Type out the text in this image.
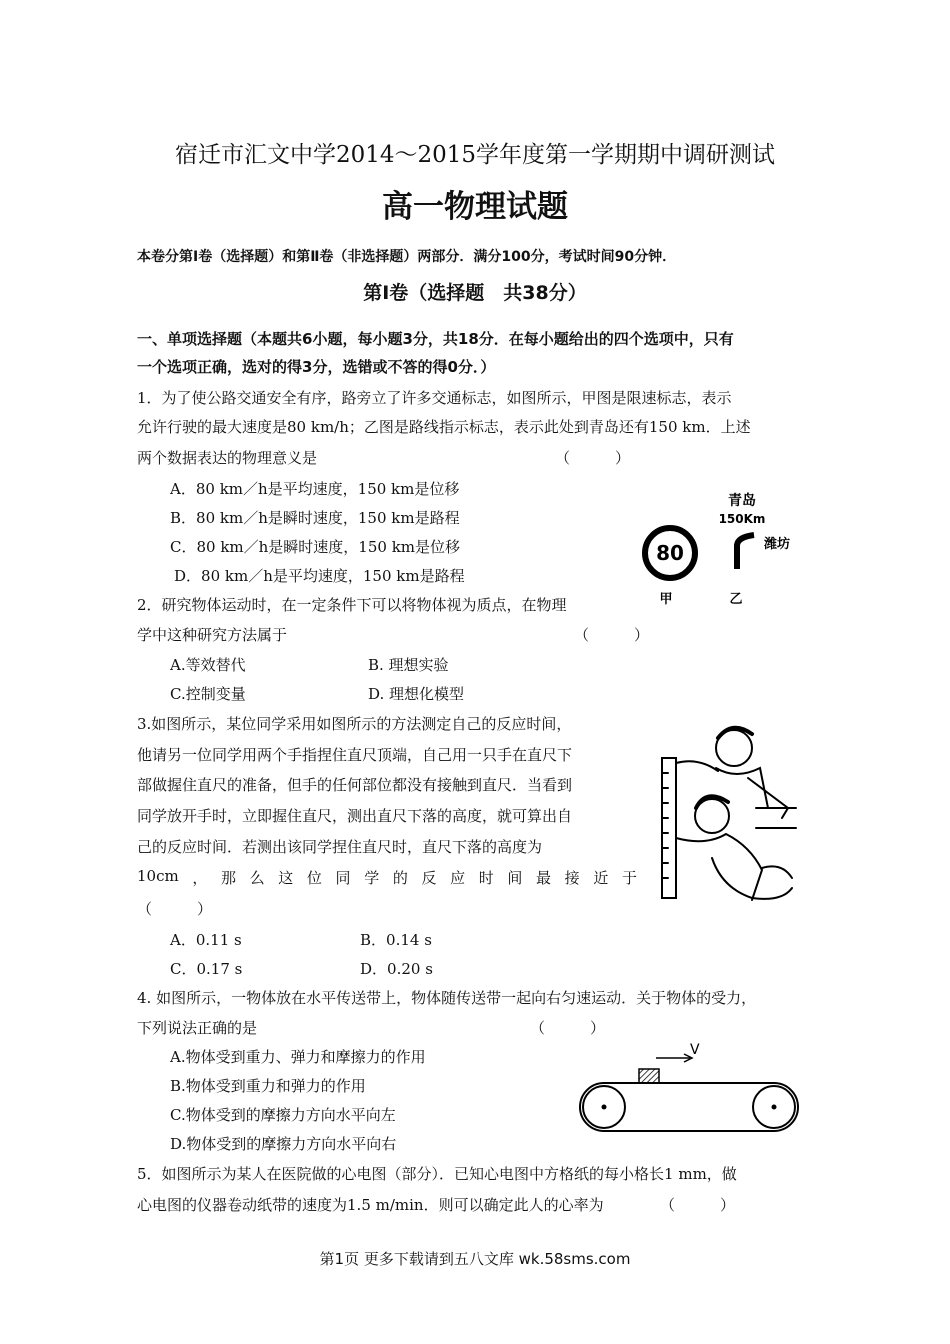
宿迁市汇文中学2014～2015学年度第一学期期中调研测试
高一物理试题
本卷分第Ⅰ卷（选择题）和第Ⅱ卷（非选择题）两部分．满分100分，考试时间90分钟．
第Ⅰ卷（选择题　共38分）
一、单项选择题（本题共6小题，每小题3分，共18分．在每小题给出的四个选项中，只有
一个选项正确，选对的得3分，选错或不答的得0分．）
1．为了使公路交通安全有序，路旁立了许多交通标志，如图所示，甲图是限速标志，表示
允许行驶的最大速度是80 km/h；乙图是路线指示标志，表示此处到青岛还有150 km．上述
两个数据表达的物理意义是	（　　　）
A．80 km／h是平均速度，150 km是位移
B．80 km／h是瞬时速度，150 km是路程
C．80 km／h是瞬时速度，150 km是位移
D．80 km／h是平均速度，150 km是路程
80
青岛
150Km
潍坊
甲	乙
2．研究物体运动时，在一定条件下可以将物体视为质点，在物理
学中这种研究方法属于	（　　　）
A.等效替代	B. 理想实验
C.控制变量	D. 理想化模型
3.如图所示，某位同学采用如图所示的方法测定自己的反应时间，
他请另一位同学用两个手指捏住直尺顶端，自己用一只手在直尺下
部做握住直尺的准备，但手的任何部位都没有接触到直尺．当看到
同学放开手时，立即握住直尺，测出直尺下落的高度，就可算出自
己的反应时间．若测出该同学捏住直尺时，直尺下落的高度为
10cm ， 那 么 这 位 同 学 的 反 应 时 间 最 接 近 于
（　　　）
A．0.11 s	B．0.14 s
C．0.17 s	D．0.20 s
4. 如图所示，一物体放在水平传送带上，物体随传送带一起向右匀速运动．关于物体的受力，
下列说法正确的是	（　　　）
A.物体受到重力、弹力和摩擦力的作用
B.物体受到重力和弹力的作用
C.物体受到的摩擦力方向水平向左
D.物体受到的摩擦力方向水平向右
V
5．如图所示为某人在医院做的心电图（部分）．已知心电图中方格纸的每小格长1 mm，做
心电图的仪器卷动纸带的速度为1.5 m/min．则可以确定此人的心率为	（　　　）
第1页 更多下载请到五八文库 wk.58sms.com
